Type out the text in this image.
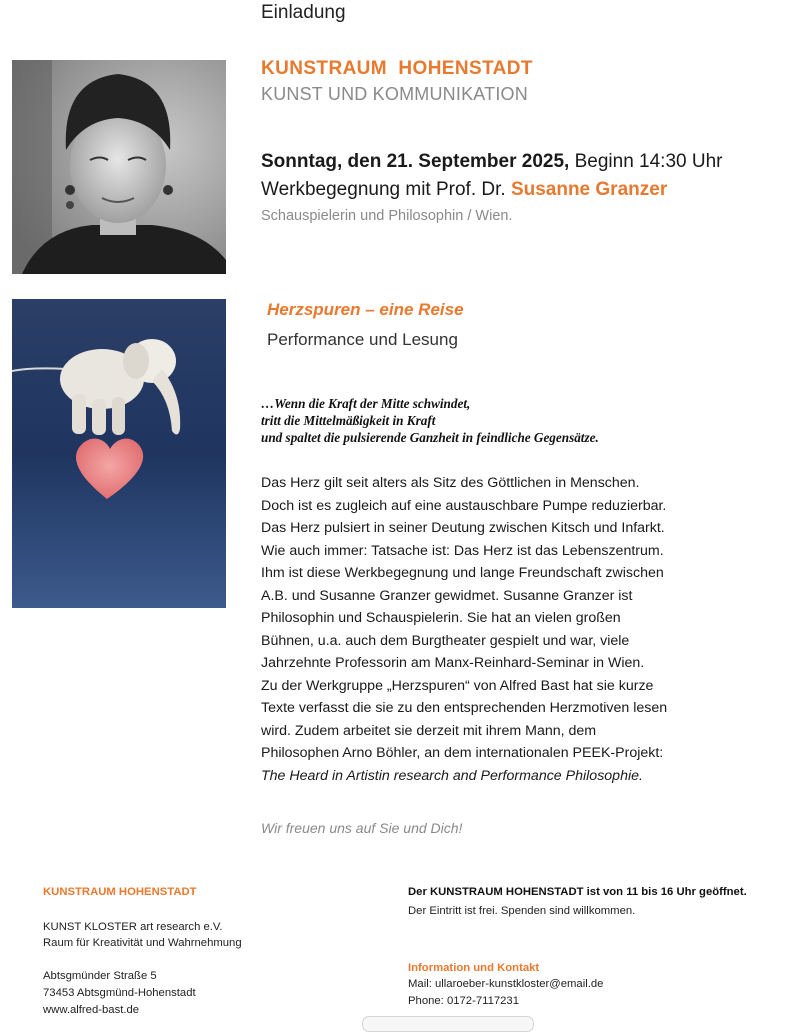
Einladung
KUNSTRAUM  HOHENSTADT
KUNST UND KOMMUNIKATION
Sonntag, den 21. September 2025, Beginn 14:30 Uhr
Werkbegegnung mit Prof. Dr. Susanne Granzer
Schauspielerin und Philosophin / Wien.
Herzspuren – eine Reise
Performance und Lesung
…Wenn die Kraft der Mitte schwindet,
tritt die Mittelmäßigkeit in Kraft
und spaltet die pulsierende Ganzheit in feindliche Gegensätze.
Das Herz gilt seit alters als Sitz des Göttlichen in Menschen.
Doch ist es zugleich auf eine austauschbare Pumpe reduzierbar.
Das Herz pulsiert in seiner Deutung zwischen Kitsch und Infarkt.
Wie auch immer: Tatsache ist: Das Herz ist das Lebenszentrum.
Ihm ist diese Werkbegegnung und lange Freundschaft zwischen
A.B. und Susanne Granzer gewidmet. Susanne Granzer ist
Philosophin und Schauspielerin. Sie hat an vielen großen
Bühnen, u.a. auch dem Burgtheater gespielt und war, viele
Jahrzehnte Professorin am Manx-Reinhard-Seminar in Wien.
Zu der Werkgruppe „Herzspuren“ von Alfred Bast hat sie kurze
Texte verfasst die sie zu den entsprechenden Herzmotiven lesen
wird. Zudem arbeitet sie derzeit mit ihrem Mann, dem
Philosophen Arno Böhler, an dem internationalen PEEK-Projekt:
The Heard in Artistin research and Performance Philosophie.
Wir freuen uns auf Sie und Dich!
KUNSTRAUM HOHENSTADT
KUNST KLOSTER art research e.V.
Raum für Kreativität und Wahrnehmung
Abtsgmünder Straße 5
73453 Abtsgmünd-Hohenstadt
www.alfred-bast.de
Der KUNSTRAUM HOHENSTADT ist von 11 bis 16 Uhr geöffnet.
Der Eintritt ist frei. Spenden sind willkommen.
Information und Kontakt
Mail: ullaroeber-kunstkloster@email.de
Phone: 0172-7117231
